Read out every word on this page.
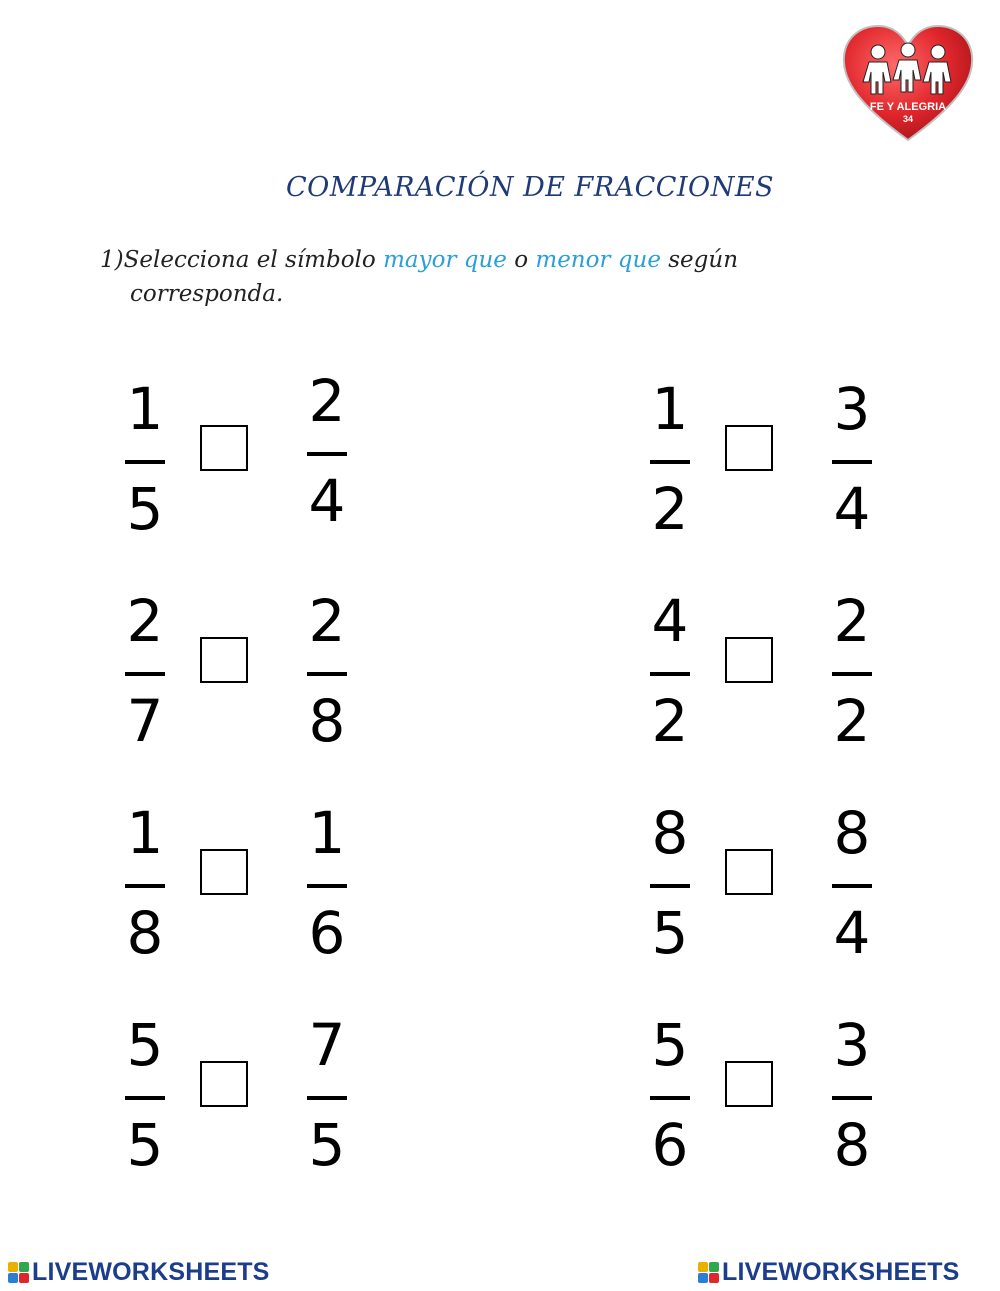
FE Y ALEGRIA
34
COMPARACIÓN DE FRACCIONES
1)Selecciona el símbolo mayor que o menor que según
corresponda.
1
5
2
4
1
2
3
4
2
7
2
8
4
2
2
2
1
8
1
6
8
5
8
4
5
5
7
5
5
6
3
8
LIVEWORKSHEETS	LIVEWORKSHEETS
